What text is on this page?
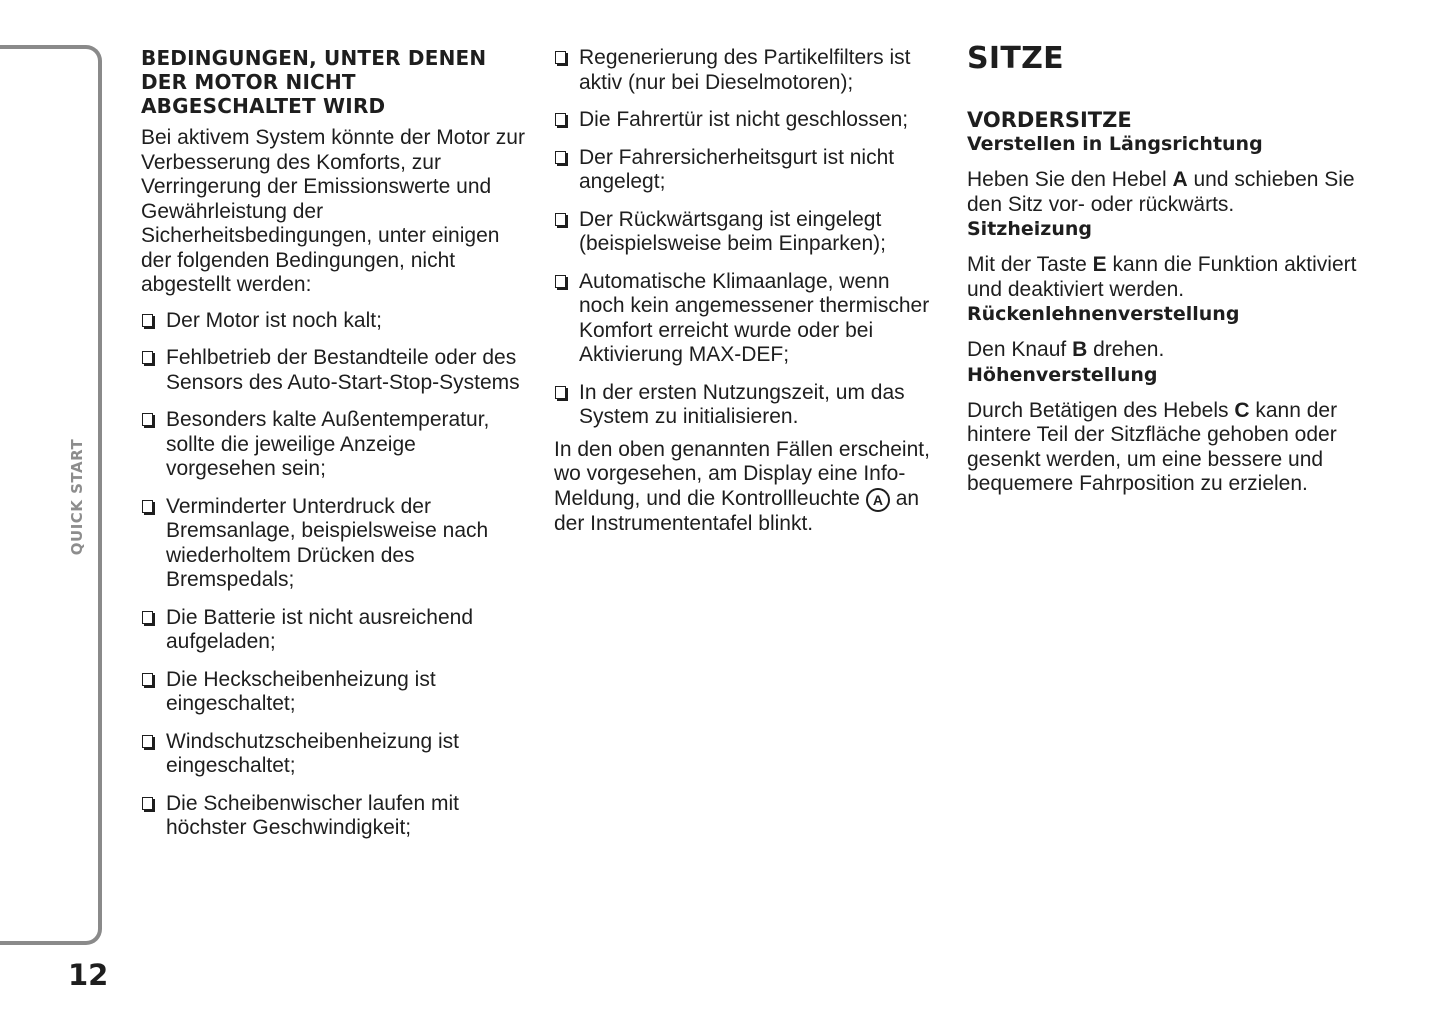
QUICK START
12
BEDINGUNGEN, UNTER DENEN DER MOTOR NICHT ABGESCHALTET WIRD

Bei aktivem System könnte der Motor zur Verbesserung des Komforts, zur Verringerung der Emissionswerte und Gewährleistung der Sicherheitsbedingungen, unter einigen der folgenden Bedingungen, nicht abgestellt werden:

Der Motor ist noch kalt;
Fehlbetrieb der Bestandteile oder des Sensors des Auto-Start-Stop-Systems
Besonders kalte Außentemperatur, sollte die jeweilige Anzeige vorgesehen sein;
Verminderter Unterdruck der Bremsanlage, beispielsweise nach wiederholtem Drücken des Bremspedals;
Die Batterie ist nicht ausreichend aufgeladen;
Die Heckscheibenheizung ist eingeschaltet;
Windschutzscheibenheizung ist eingeschaltet;
Die Scheibenwischer laufen mit höchster Geschwindigkeit;
Regenerierung des Partikelfilters ist aktiv (nur bei Dieselmotoren);
Die Fahrertür ist nicht geschlossen;
Der Fahrersicherheitsgurt ist nicht angelegt;
Der Rückwärtsgang ist eingelegt (beispielsweise beim Einparken);
Automatische Klimaanlage, wenn noch kein angemessener thermischer Komfort erreicht wurde oder bei Aktivierung MAX-DEF;
In der ersten Nutzungszeit, um das System zu initialisieren.

In den oben genannten Fällen erscheint, wo vorgesehen, am Display eine Info-Meldung, und die Kontrollleuchte A an der Instrumententafel blinkt.

SITZE
VORDERSITZE
Verstellen in Längsrichtung

Heben Sie den Hebel A und schieben Sie den Sitz vor- oder rückwärts.

Sitzheizung

Mit der Taste E kann die Funktion aktiviert und deaktiviert werden.

Rückenlehnenverstellung

Den Knauf B drehen.

Höhenverstellung

Durch Betätigen des Hebels C kann der hintere Teil der Sitzfläche gehoben oder gesenkt werden, um eine bessere und bequemere Fahrposition zu erzielen.
